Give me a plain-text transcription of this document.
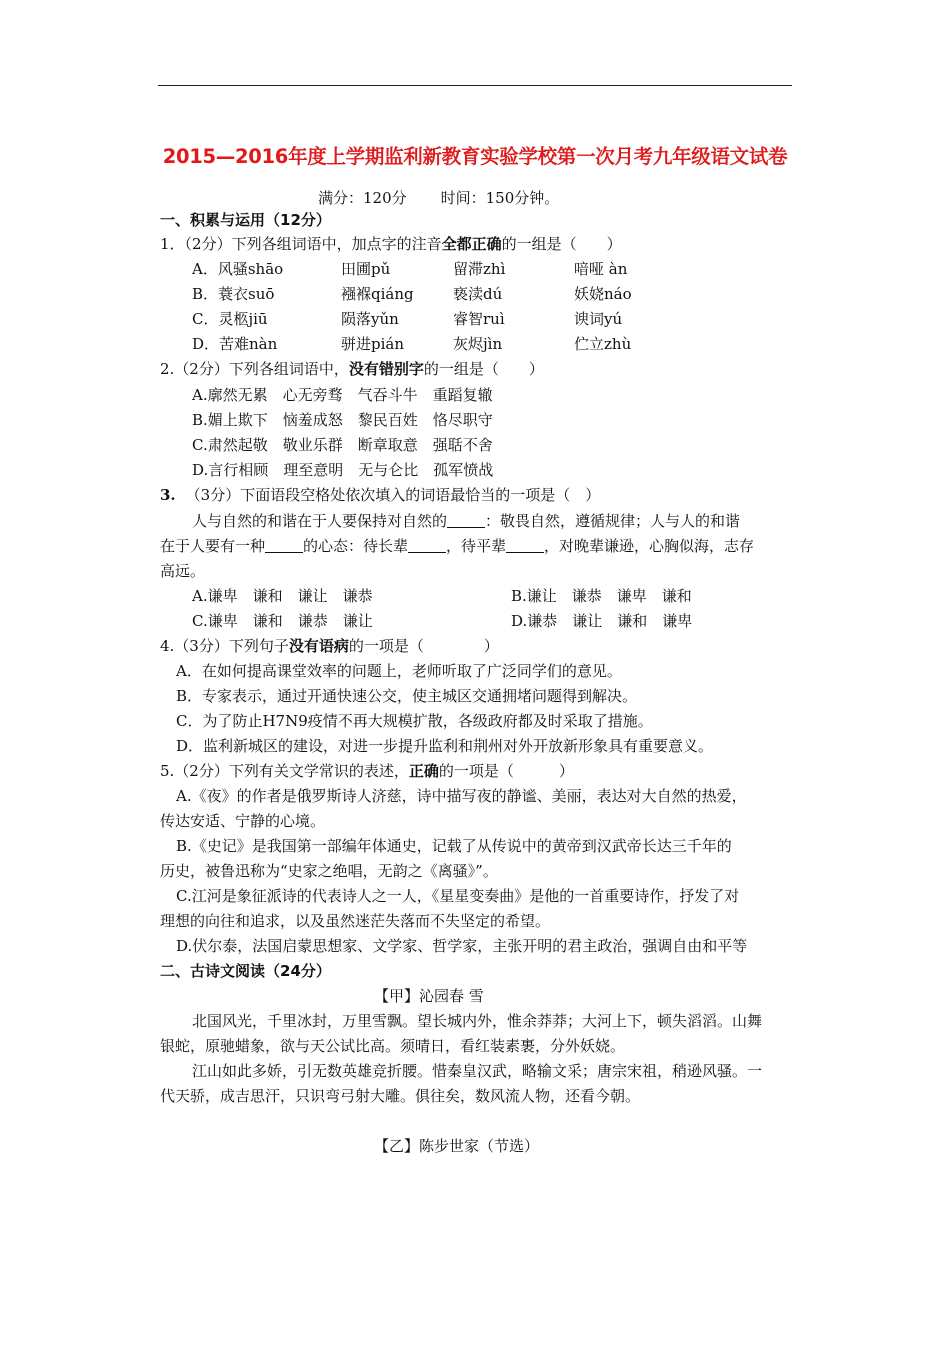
2015—2016年度上学期监利新教育实验学校第一次月考九年级语文试卷
满分：120分 时间：150分钟。
一、积累与运用（12分）
1．（2分）下列各组词语中，加点字的注音全都正确的一组是（　　）
A．风骚shāo	田圃pǔ	留滞zhì	喑哑 àn
B．蓑衣suō	襁褓qiáng	亵渎dú	妖娆náo
C．灵柩jiū	陨落yǔn	睿智ruì	谀词yú
D．苦难nàn	骈进pián	灰烬jìn	伫立zhù
2.（2分）下列各组词语中，没有错别字的一组是（　　）
A.廓然无累　心无旁骛　气吞斗牛　重蹈复辙
B.媚上欺下　恼羞成怒　黎民百姓　恪尽职守
C.肃然起敬　敬业乐群　断章取意　强聒不舍
D.言行相顾　理至意明　无与仑比　孤军愤战
3. （3分）下面语段空格处依次填入的词语最恰当的一项是（　）
人与自然的和谐在于人要保持对自然的	：敬畏自然，遵循规律；人与人的和谐
在于人要有一种	的心态：待长辈	，待平辈	，对晚辈谦逊，心胸似海，志存
高远。
A.谦卑　谦和　谦让　谦恭	B.谦让　谦恭　谦卑　谦和
C.谦卑　谦和　谦恭　谦让	D.谦恭　谦让　谦和　谦卑
4.（3分）下列句子没有语病的一项是（　　　　）
A．在如何提高课堂效率的问题上，老师听取了广泛同学们的意见。
B．专家表示，通过开通快速公交，使主城区交通拥堵问题得到解决。
C．为了防止H7N9疫情不再大规模扩散，各级政府都及时采取了措施。
D．监利新城区的建设，对进一步提升监利和荆州对外开放新形象具有重要意义。
5.（2分）下列有关文学常识的表述，正确的一项是（　　　）
A.《夜》的作者是俄罗斯诗人济慈，诗中描写夜的静谧、美丽，表达对大自然的热爱，
传达安适、宁静的心境。
B.《史记》是我国第一部编年体通史，记载了从传说中的黄帝到汉武帝长达三千年的
历史，被鲁迅称为“史家之绝唱，无韵之《离骚》”。
C.江河是象征派诗的代表诗人之一人，《星星变奏曲》是他的一首重要诗作，抒发了对
理想的向往和追求，以及虽然迷茫失落而不失坚定的希望。
D.伏尔泰，法国启蒙思想家、文学家、哲学家，主张开明的君主政治，强调自由和平等
二、古诗文阅读（24分）
【甲】沁园春 雪
北国风光，千里冰封，万里雪飘。望长城内外，惟余莽莽；大河上下，顿失滔滔。山舞
银蛇，原驰蜡象，欲与天公试比高。须晴日，看红装素裹，分外妖娆。
江山如此多娇，引无数英雄竞折腰。惜秦皇汉武，略输文采；唐宗宋祖，稍逊风骚。一
代天骄，成吉思汗，只识弯弓射大雕。俱往矣，数风流人物，还看今朝。
【乙】陈步世家（节选）
